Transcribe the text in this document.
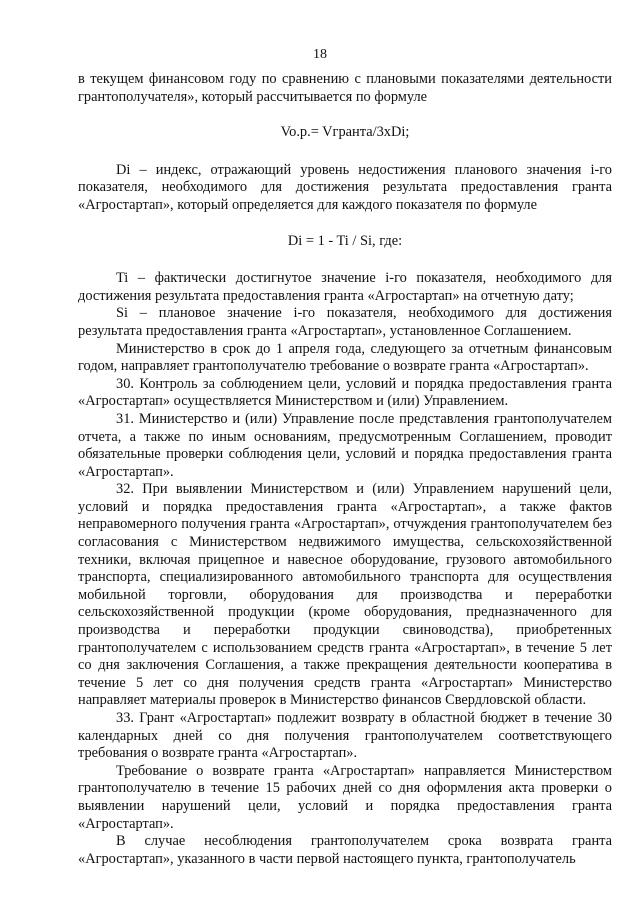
18

в текущем финансовом году по сравнению с плановыми показателями деятельности грантополучателя», который рассчитывается по формуле

Vo.p.= Vгранта/3xDi;

Di – индекс, отражающий уровень недостижения планового значения i-го показателя, необходимого для достижения результата предоставления гранта «Агростартап», который определяется для каждого показателя по формуле

Di = 1 - Ti / Si, где:

Ti – фактически достигнутое значение i-го показателя, необходимого для достижения результата предоставления гранта «Агростартап» на отчетную дату;

Si – плановое значение i-го показателя, необходимого для достижения результата предоставления гранта «Агростартап», установленное Соглашением.

Министерство в срок до 1 апреля года, следующего за отчетным финансовым годом, направляет грантополучателю требование о возврате гранта «Агростартап».

30. Контроль за соблюдением цели, условий и порядка предоставления гранта «Агростартап» осуществляется Министерством и (или) Управлением.

31. Министерство и (или) Управление после представления грантополучателем отчета, а также по иным основаниям, предусмотренным Соглашением, проводит обязательные проверки соблюдения цели, условий и порядка предоставления гранта «Агростартап».

32. При выявлении Министерством и (или) Управлением нарушений цели, условий и порядка предоставления гранта «Агростартап», а также фактов неправомерного получения гранта «Агростартап», отчуждения грантополучателем без согласования с Министерством недвижимого имущества, сельскохозяйственной техники, включая прицепное и навесное оборудование, грузового автомобильного транспорта, специализированного автомобильного транспорта для осуществления мобильной торговли, оборудования для производства и переработки сельскохозяйственной продукции (кроме оборудования, предназначенного для производства и переработки продукции свиноводства), приобретенных грантополучателем с использованием средств гранта «Агростартап», в течение 5 лет со дня заключения Соглашения, а также прекращения деятельности кооператива в течение 5 лет со дня получения средств гранта «Агростартап» Министерство направляет материалы проверок в Министерство финансов Свердловской области.

33. Грант «Агростартап» подлежит возврату в областной бюджет в течение 30 календарных дней со дня получения грантополучателем соответствующего требования о возврате гранта «Агростартап».

Требование о возврате гранта «Агростартап» направляется Министерством грантополучателю в течение 15 рабочих дней со дня оформления акта проверки о выявлении нарушений цели, условий и порядка предоставления гранта «Агростартап».

В случае несоблюдения грантополучателем срока возврата гранта «Агростартап», указанного в части первой настоящего пункта, грантополучатель
